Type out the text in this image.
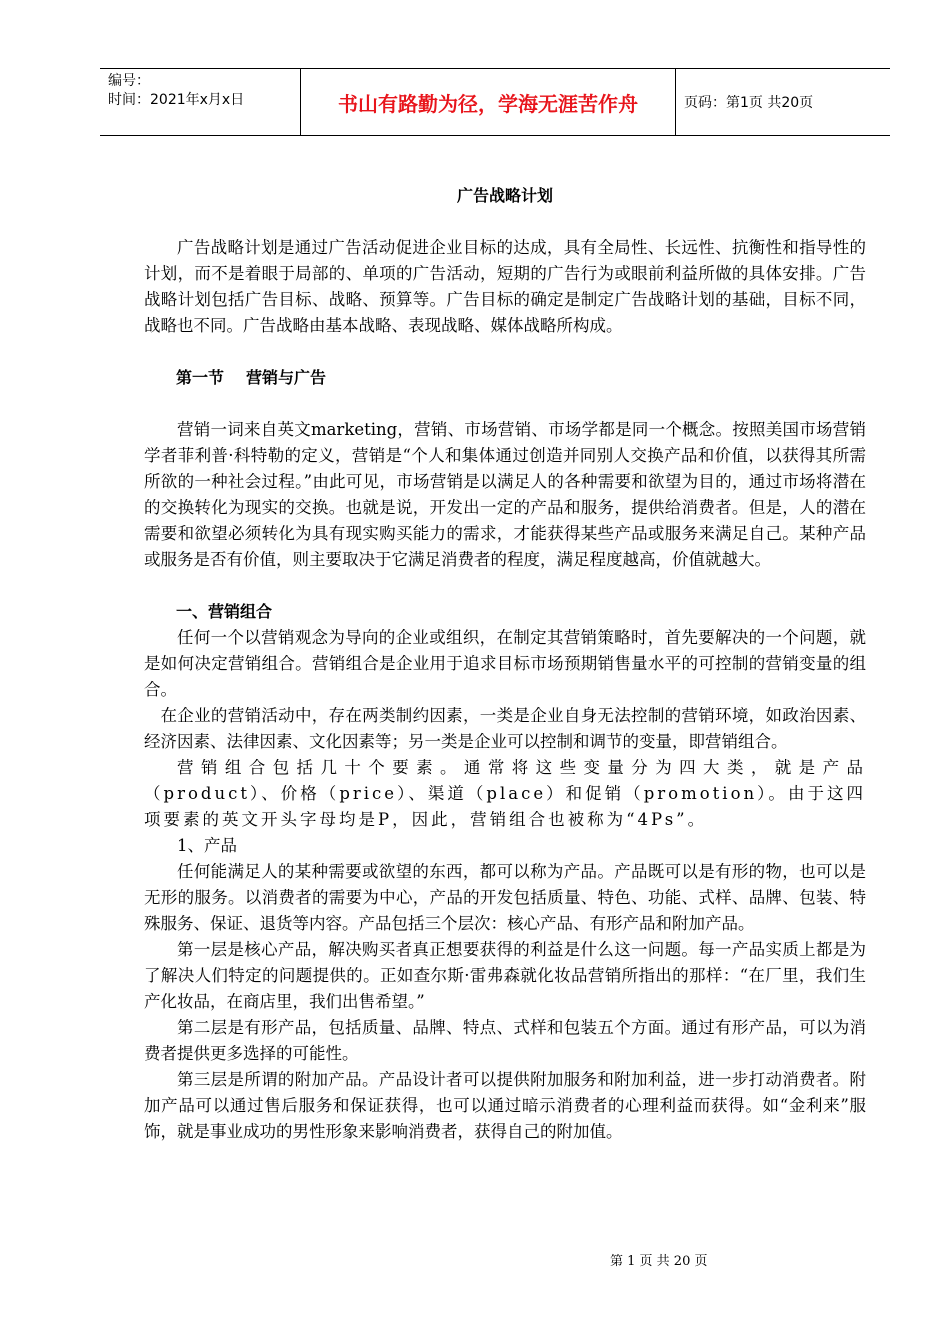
编号：
时间：2021年x月x日	书山有路勤为径，学海无涯苦作舟	页码：第1页 共20页
广告战略计划

广告战略计划是通过广告活动促进企业目标的达成，具有全局性、长远性、抗衡性和指导性的计划，而不是着眼于局部的、单项的广告活动，短期的广告行为或眼前利益所做的具体安排。广告战略计划包括广告目标、战略、预算等。广告目标的确定是制定广告战略计划的基础，目标不同，战略也不同。广告战略由基本战略、表现战略、媒体战略所构成。

第一节 营销与广告

营销一词来自英文marketing，营销、市场营销、市场学都是同一个概念。按照美国市场营销学者菲利普·科特勒的定义，营销是“个人和集体通过创造并同别人交换产品和价值，以获得其所需所欲的一种社会过程。”由此可见，市场营销是以满足人的各种需要和欲望为目的，通过市场将潜在的交换转化为现实的交换。也就是说，开发出一定的产品和服务，提供给消费者。但是，人的潜在需要和欲望必须转化为具有现实购买能力的需求，才能获得某些产品或服务来满足自己。某种产品或服务是否有价值，则主要取决于它满足消费者的程度，满足程度越高，价值就越大。

一、营销组合

任何一个以营销观念为导向的企业或组织，在制定其营销策略时，首先要解决的一个问题，就是如何决定营销组合。营销组合是企业用于追求目标市场预期销售量水平的可控制的营销变量的组合。

在企业的营销活动中，存在两类制约因素，一类是企业自身无法控制的营销环境，如政治因素、经济因素、法律因素、文化因素等；另一类是企业可以控制和调节的变量，即营销组合。

营销组合包括几十个要素。通常将这些变量分为四大类，就是产品（product）、价格（price）、渠道（place）和促销（promotion）。由于这四项要素的英文开头字母均是P，因此，营销组合也被称为“4Ps”。

1、产品

任何能满足人的某种需要或欲望的东西，都可以称为产品。产品既可以是有形的物，也可以是无形的服务。以消费者的需要为中心，产品的开发包括质量、特色、功能、式样、品牌、包装、特殊服务、保证、退货等内容。产品包括三个层次：核心产品、有形产品和附加产品。

第一层是核心产品，解决购买者真正想要获得的利益是什么这一问题。每一产品实质上都是为了解决人们特定的问题提供的。正如查尔斯·雷弗森就化妆品营销所指出的那样：“在厂里，我们生产化妆品，在商店里，我们出售希望。”

第二层是有形产品，包括质量、品牌、特点、式样和包装五个方面。通过有形产品，可以为消费者提供更多选择的可能性。

第三层是所谓的附加产品。产品设计者可以提供附加服务和附加利益，进一步打动消费者。附加产品可以通过售后服务和保证获得，也可以通过暗示消费者的心理利益而获得。如“金利来”服饰，就是事业成功的男性形象来影响消费者，获得自己的附加值。

第 1 页 共 20 页
